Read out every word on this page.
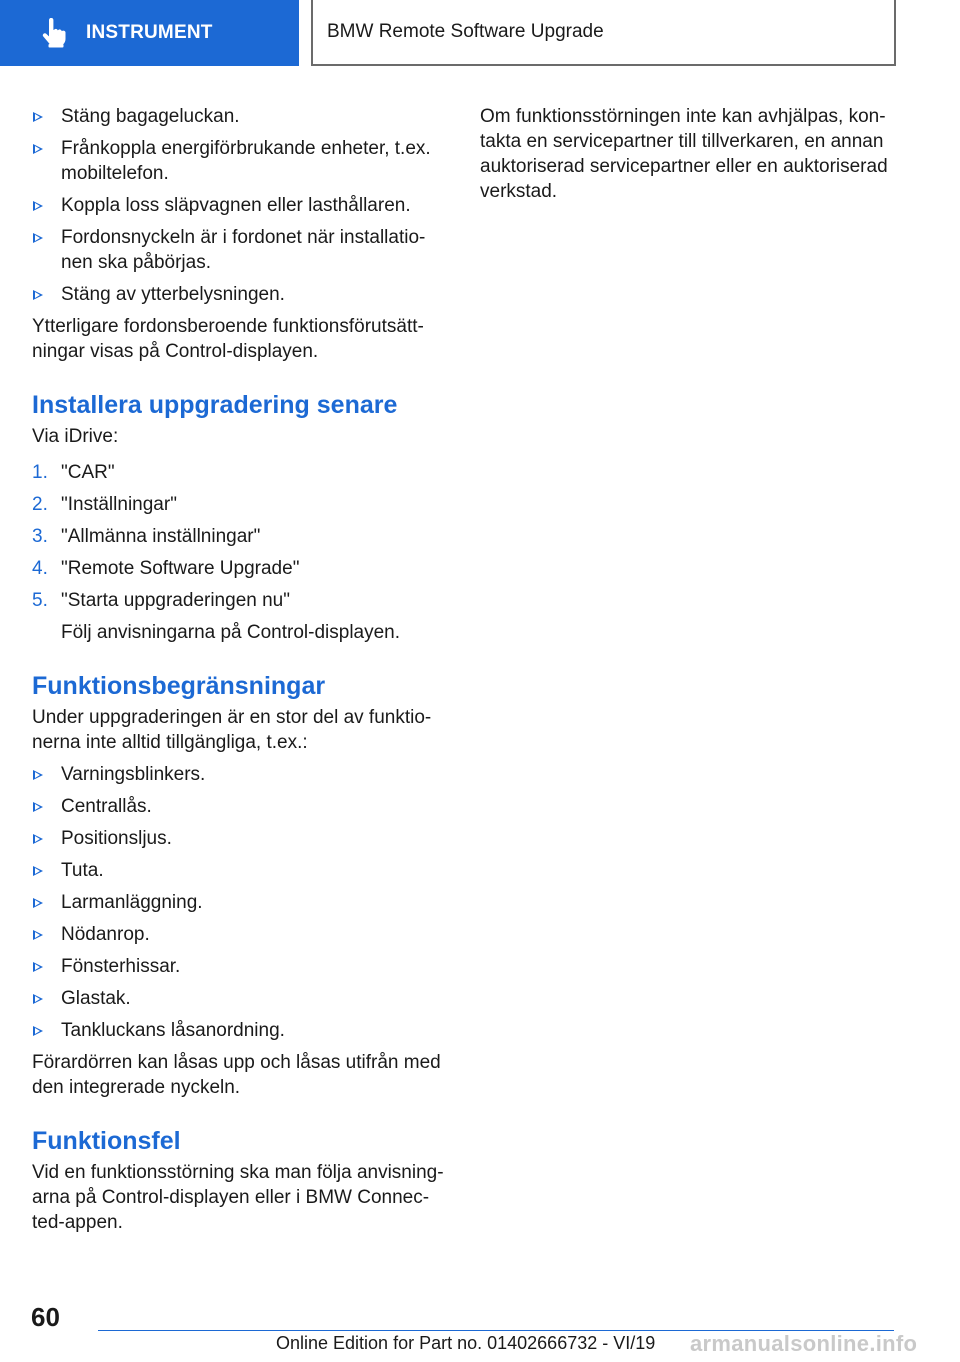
INSTRUMENT	BMW Remote Software Upgrade
Stäng bagageluckan.
Frånkoppla energiförbrukande enheter, t.ex. mobiltelefon.
Koppla loss släpvagnen eller lasthållaren.
Fordonsnyckeln är i fordonet när installationen ska påbörjas.
Stäng av ytterbelysningen.

Ytterligare fordonsberoende funktionsförutsättningar visas på Control-displayen.

Installera uppgradering senare

Via iDrive:

1. "CAR"
2. "Inställningar"
3. "Allmänna inställningar"
4. "Remote Software Upgrade"
5. "Starta uppgraderingen nu"

Följ anvisningarna på Control-displayen.

Funktionsbegränsningar

Under uppgraderingen är en stor del av funktionerna inte alltid tillgängliga, t.ex.:

Varningsblinkers.
Centrallås.
Positionsljus.
Tuta.
Larmanläggning.
Nödanrop.
Fönsterhissar.
Glastak.
Tankluckans låsanordning.

Förardörren kan låsas upp och låsas utifrån med den integrerade nyckeln.

Funktionsfel

Vid en funktionsstörning ska man följa anvisningarna på Control-displayen eller i BMW Connected-appen.

Om funktionsstörningen inte kan avhjälpas, kontakta en servicepartner till tillverkaren, en annan auktoriserad servicepartner eller en auktoriserad verkstad.

60
Online Edition for Part no. 01402666732 - VI/19 armanualsonline.info
